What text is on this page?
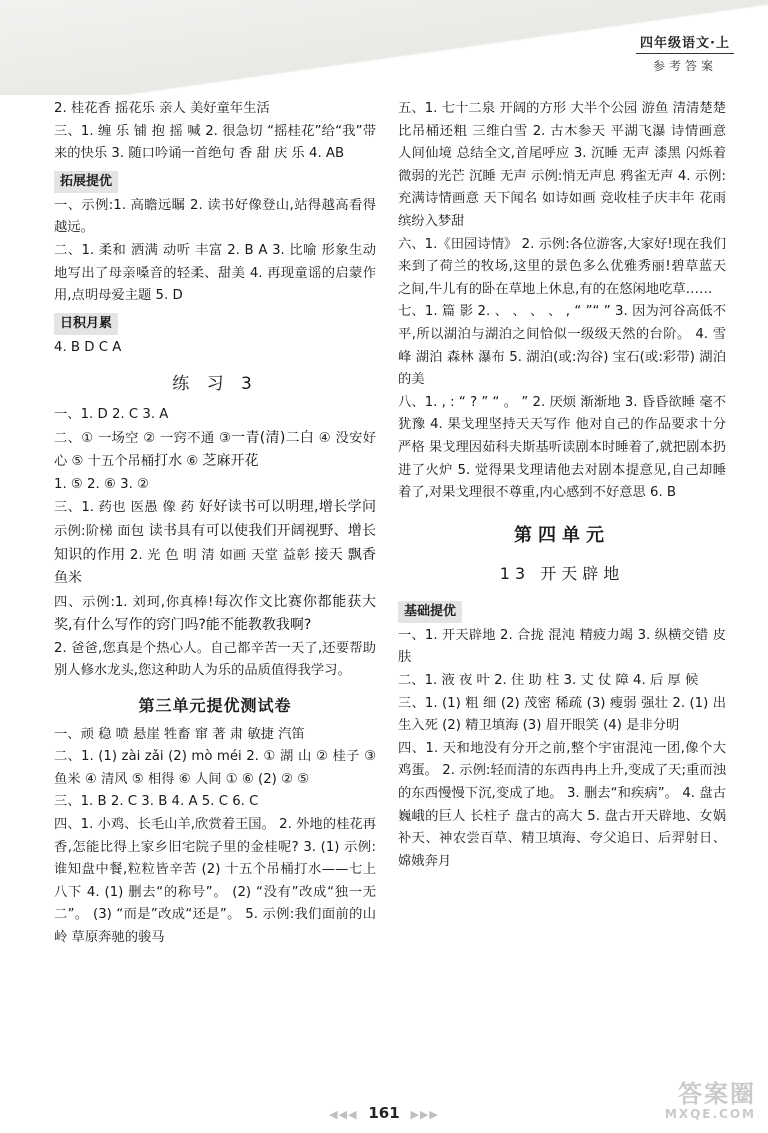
四年级语文·上
参考答案

2. 桂花香 摇花乐 亲人 美好童年生活

三、1. 缠 乐 铺 抱 摇 喊 2. 很急切 “摇桂花”给“我”带来的快乐 3. 随口吟诵一首绝句 香 甜 庆 乐 4. AB

拓展提优

一、示例:1. 高瞻远瞩 2. 读书好像登山,站得越高看得越远。

二、1. 柔和 洒满 动听 丰富 2. B A 3. 比喻 形象生动地写出了母亲嗓音的轻柔、甜美 4. 再现童谣的启蒙作用,点明母爱主题 5. D

日积月累

4. B D C A

练 习 3

一、1. D 2. C 3. A

二、① 一场空 ② 一窍不通 ③一青(清)二白 ④ 没安好心 ⑤ 十五个吊桶打水 ⑥ 芝麻开花

1. ⑤ 2. ⑥ 3. ②

三、1. 药也 医愚 像 药 好好读书可以明理,增长学问 示例:阶梯 面包 读书具有可以使我们开阔视野、增长知识的作用 2. 光 色 明 清 如画 天堂 益彰 接天 飘香 鱼米

四、示例:1. 刘珂,你真棒!每次作文比赛你都能获大奖,有什么写作的窍门吗?能不能教教我啊?

2. 爸爸,您真是个热心人。自己都辛苦一天了,还要帮助别人修水龙头,您这种助人为乐的品质值得我学习。

第三单元提优测试卷

一、顽 稳 喷 悬崖 牲畜 窜 著 肃 敏捷 汽笛

二、1. (1) zài zǎi (2) mò méi 2. ① 湖 山 ② 桂子 ③ 鱼米 ④ 清风 ⑤ 相得 ⑥ 人间 ① ⑥ (2) ② ⑤

三、1. B 2. C 3. B 4. A 5. C 6. C

四、1. 小鸡、长毛山羊,欣赏着王国。 2. 外地的桂花再香,怎能比得上家乡旧宅院子里的金桂呢? 3. (1) 示例:谁知盘中餐,粒粒皆辛苦 (2) 十五个吊桶打水——七上八下 4. (1) 删去“的称号”。 (2) “没有”改成“独一无二”。 (3) “而是”改成“还是”。 5. 示例:我们面前的山岭 草原奔驰的骏马

五、1. 七十二泉 开阔的方形 大半个公园 游鱼 清清楚楚 比吊桶还粗 三维白雪 2. 古木参天 平湖飞瀑 诗情画意 人间仙境 总结全文,首尾呼应 3. 沉睡 无声 漆黑 闪烁着微弱的光芒 沉睡 无声 示例:悄无声息 鸦雀无声 4. 示例:充满诗情画意 天下闻名 如诗如画 竞收桂子庆丰年 花雨缤纷入梦甜

六、1.《田园诗情》 2. 示例:各位游客,大家好!现在我们来到了荷兰的牧场,这里的景色多么优雅秀丽!碧草蓝天之间,牛儿有的卧在草地上休息,有的在悠闲地吃草……

七、1. 篇 影 2. 、 、 、 、 , “ ”“ ” 3. 因为河谷高低不平,所以湖泊与湖泊之间恰似一级级天然的台阶。 4. 雪峰 湖泊 森林 瀑布 5. 湖泊(或:沟谷) 宝石(或:彩带) 湖泊的美

八、1. , : “ ? ” “ 。 ” 2. 厌烦 渐渐地 3. 昏昏欲睡 毫不犹豫 4. 果戈理坚持天天写作 他对自己的作品要求十分严格 果戈理因茹科夫斯基听读剧本时睡着了,就把剧本扔进了火炉 5. 觉得果戈理请他去对剧本提意见,自己却睡着了,对果戈理很不尊重,内心感到不好意思 6. B

第四单元
13 开天辟地
基础提优

一、1. 开天辟地 2. 合拢 混沌 精疲力竭 3. 纵横交错 皮肤

二、1. 液 夜 叶 2. 住 助 柱 3. 丈 仗 障 4. 后 厚 候

三、1. (1) 粗 细 (2) 茂密 稀疏 (3) 瘦弱 强壮 2. (1) 出生入死 (2) 精卫填海 (3) 眉开眼笑 (4) 是非分明

四、1. 天和地没有分开之前,整个宇宙混沌一团,像个大鸡蛋。 2. 示例:轻而清的东西冉冉上升,变成了天;重而浊的东西慢慢下沉,变成了地。 3. 删去“和疾病”。 4. 盘古 巍峨的巨人 长柱子 盘古的高大 5. 盘古开天辟地、女娲补天、神农尝百草、精卫填海、夸父追日、后羿射日、嫦娥奔月

◀◀◀ 161 ▶▶▶
答案圈
MXQE.COM
